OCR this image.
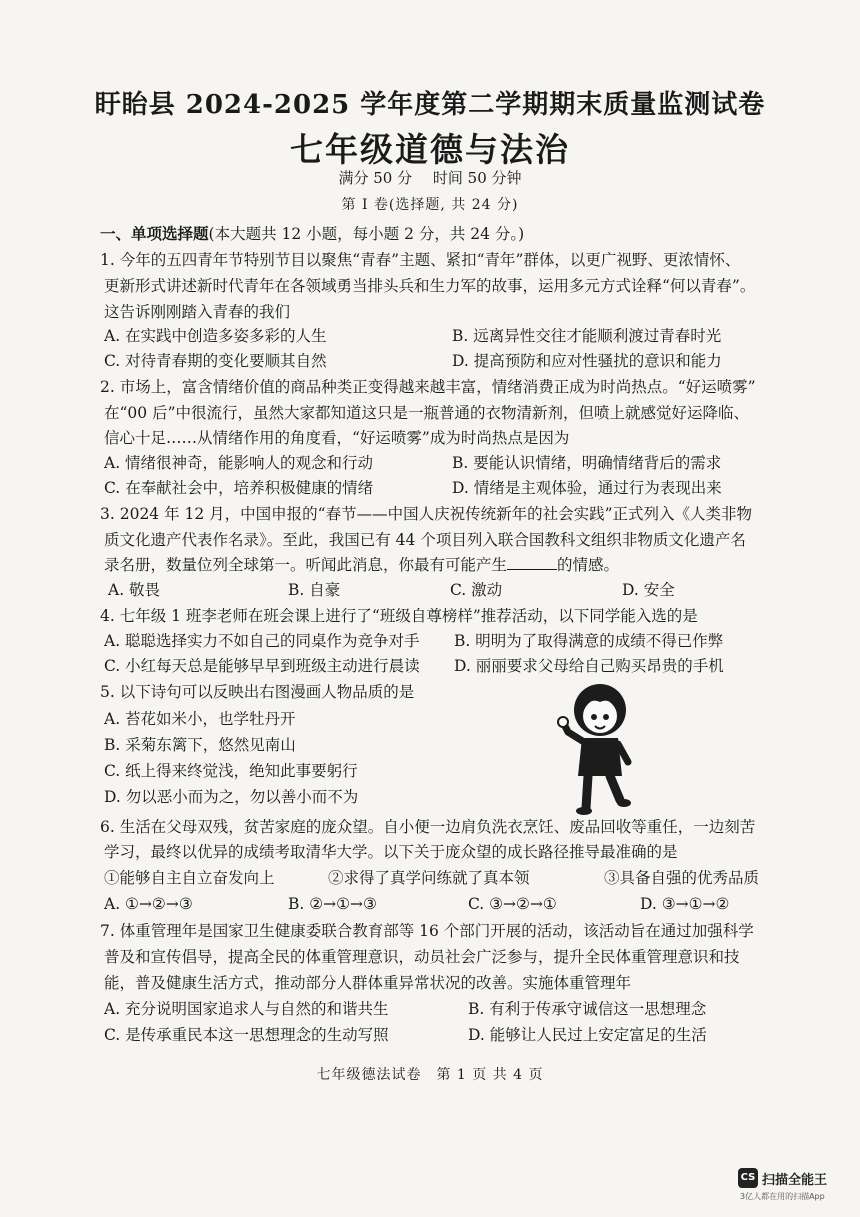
盱眙县 2024-2025 学年度第二学期期末质量监测试卷
七年级道德与法治
满分 50 分 时间 50 分钟
第 Ⅰ 卷(选择题, 共 24 分)
一、单项选择题(本大题共 12 小题，每小题 2 分，共 24 分。)
1. 今年的五四青年节特别节目以聚焦“青春”主题、紧扣“青年”群体，以更广视野、更浓情怀、
更新形式讲述新时代青年在各领域勇当排头兵和生力军的故事，运用多元方式诠释“何以青春”。
这告诉刚刚踏入青春的我们
A. 在实践中创造多姿多彩的人生	B. 远离异性交往才能顺利渡过青春时光
C. 对待青春期的变化要顺其自然	D. 提高预防和应对性骚扰的意识和能力
2. 市场上，富含情绪价值的商品种类正变得越来越丰富，情绪消费正成为时尚热点。“好运喷雾”
在“00 后”中很流行，虽然大家都知道这只是一瓶普通的衣物清新剂，但喷上就感觉好运降临、
信心十足……从情绪作用的角度看，“好运喷雾”成为时尚热点是因为
A. 情绪很神奇，能影响人的观念和行动	B. 要能认识情绪，明确情绪背后的需求
C. 在奉献社会中，培养积极健康的情绪	D. 情绪是主观体验，通过行为表现出来
3. 2024 年 12 月，中国申报的“春节——中国人庆祝传统新年的社会实践”正式列入《人类非物
质文化遗产代表作名录》。至此，我国已有 44 个项目列入联合国教科文组织非物质文化遗产名
录名册，数量位列全球第一。听闻此消息，你最有可能产生	的情感。
A. 敬畏	B. 自豪	C. 激动	D. 安全
4. 七年级 1 班李老师在班会课上进行了“班级自尊榜样”推荐活动，以下同学能入选的是
A. 聪聪选择实力不如自己的同桌作为竞争对手 B. 明明为了取得满意的成绩不得已作弊
C. 小红每天总是能够早早到班级主动进行晨读 D. 丽丽要求父母给自己购买昂贵的手机
5. 以下诗句可以反映出右图漫画人物品质的是
A. 苔花如米小，也学牡丹开
B. 采菊东篱下，悠然见南山
C. 纸上得来终觉浅，绝知此事要躬行
D. 勿以恶小而为之，勿以善小而不为
6. 生活在父母双残，贫苦家庭的庞众望。自小便一边肩负洗衣烹饪、废品回收等重任，一边刻苦
学习，最终以优异的成绩考取清华大学。以下关于庞众望的成长路径推导最准确的是
①能够自主自立奋发向上	②求得了真学问练就了真本领	③具备自强的优秀品质
A. ①→②→③	B. ②→①→③	C. ③→②→①	D. ③→①→②
7. 体重管理年是国家卫生健康委联合教育部等 16 个部门开展的活动，该活动旨在通过加强科学
普及和宣传倡导，提高全民的体重管理意识，动员社会广泛参与，提升全民体重管理意识和技
能，普及健康生活方式，推动部分人群体重异常状况的改善。实施体重管理年
A. 充分说明国家追求人与自然的和谐共生	B. 有利于传承守诚信这一思想理念
C. 是传承重民本这一思想理念的生动写照	D. 能够让人民过上安定富足的生活
七年级德法试卷　第 1 页 共 4 页
CS 扫描全能王
3亿人都在用的扫描App
